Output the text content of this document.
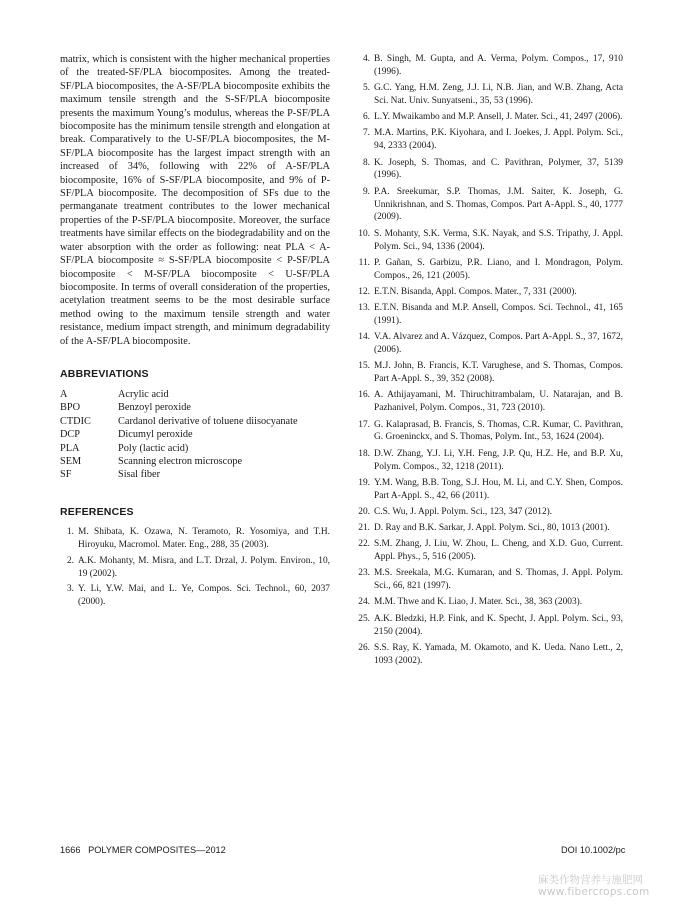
matrix, which is consistent with the higher mechanical properties of the treated-SF/PLA biocomposites. Among the treated-SF/PLA biocomposites, the A-SF/PLA biocomposite exhibits the maximum tensile strength and the S-SF/PLA biocomposite presents the maximum Young’s modulus, whereas the P-SF/PLA biocomposite has the minimum tensile strength and elongation at break. Comparatively to the U-SF/PLA biocomposites, the M-SF/PLA biocomposite has the largest impact strength with an increased of 34%, following with 22% of A-SF/PLA biocomposite, 16% of S-SF/PLA biocomposite, and 9% of P-SF/PLA biocomposite. The decomposition of SFs due to the permanganate treatment contributes to the lower mechanical properties of the P-SF/PLA biocomposite. Moreover, the surface treatments have similar effects on the biodegradability and on the water absorption with the order as following: neat PLA < A-SF/PLA biocomposite ≈ S-SF/PLA biocomposite < P-SF/PLA biocomposite < M-SF/PLA biocomposite < U-SF/PLA biocomposite. In terms of overall consideration of the properties, acetylation treatment seems to be the most desirable surface method owing to the maximum tensile strength and water resistance, medium impact strength, and minimum degradability of the A-SF/PLA biocomposite.

ABBREVIATIONS

A	Acrylic acid
BPO	Benzoyl peroxide
CTDIC	Cardanol derivative of toluene diisocyanate
DCP	Dicumyl peroxide
PLA	Poly (lactic acid)
SEM	Scanning electron microscope
SF	Sisal fiber

REFERENCES

1. M. Shibata, K. Ozawa, N. Teramoto, R. Yosomiya, and T.H. Hiroyuku, Macromol. Mater. Eng., 288, 35 (2003).
2. A.K. Mohanty, M. Misra, and L.T. Drzal, J. Polym. Environ., 10, 19 (2002).
3. Y. Li, Y.W. Mai, and L. Ye, Compos. Sci. Technol., 60, 2037 (2000).
4. B. Singh, M. Gupta, and A. Verma, Polym. Compos., 17, 910 (1996).
5. G.C. Yang, H.M. Zeng, J.J. Li, N.B. Jian, and W.B. Zhang, Acta Sci. Nat. Univ. Sunyatseni., 35, 53 (1996).
6. L.Y. Mwaikambo and M.P. Ansell, J. Mater. Sci., 41, 2497 (2006).
7. M.A. Martins, P.K. Kiyohara, and I. Joekes, J. Appl. Polym. Sci., 94, 2333 (2004).
8. K. Joseph, S. Thomas, and C. Pavithran, Polymer, 37, 5139 (1996).
9. P.A. Sreekumar, S.P. Thomas, J.M. Saiter, K. Joseph, G. Unnikrishnan, and S. Thomas, Compos. Part A-Appl. S., 40, 1777 (2009).
10. S. Mohanty, S.K. Verma, S.K. Nayak, and S.S. Tripathy, J. Appl. Polym. Sci., 94, 1336 (2004).
11. P. Gañan, S. Garbizu, P.R. Liano, and I. Mondragon, Polym. Compos., 26, 121 (2005).
12. E.T.N. Bisanda, Appl. Compos. Mater., 7, 331 (2000).
13. E.T.N. Bisanda and M.P. Ansell, Compos. Sci. Technol., 41, 165 (1991).
14. V.A. Alvarez and A. Vázquez, Compos. Part A-Appl. S., 37, 1672, (2006).
15. M.J. John, B. Francis, K.T. Varughese, and S. Thomas, Compos. Part A-Appl. S., 39, 352 (2008).
16. A. Athijayamani, M. Thiruchitrambalam, U. Natarajan, and B. Pazhanivel, Polym. Compos., 31, 723 (2010).
17. G. Kalaprasad, B. Francis, S. Thomas, C.R. Kumar, C. Pavithran, G. Groeninckx, and S. Thomas, Polym. Int., 53, 1624 (2004).
18. D.W. Zhang, Y.J. Li, Y.H. Feng, J.P. Qu, H.Z. He, and B.P. Xu, Polym. Compos., 32, 1218 (2011).
19. Y.M. Wang, B.B. Tong, S.J. Hou, M. Li, and C.Y. Shen, Compos. Part A-Appl. S., 42, 66 (2011).
20. C.S. Wu, J. Appl. Polym. Sci., 123, 347 (2012).
21. D. Ray and B.K. Sarkar, J. Appl. Polym. Sci., 80, 1013 (2001).
22. S.M. Zhang, J. Liu, W. Zhou, L. Cheng, and X.D. Guo, Current. Appl. Phys., 5, 516 (2005).
23. M.S. Sreekala, M.G. Kumaran, and S. Thomas, J. Appl. Polym. Sci., 66, 821 (1997).
24. M.M. Thwe and K. Liao, J. Mater. Sci., 38, 363 (2003).
25. A.K. Bledzki, H.P. Fink, and K. Specht, J. Appl. Polym. Sci., 93, 2150 (2004).
26. S.S. Ray, K. Yamada, M. Okamoto, and K. Ueda. Nano Lett., 2, 1093 (2002).
1666   POLYMER COMPOSITES—2012	DOI 10.1002/pc
麻类作物营养与施肥网
www.fibercrops.com
